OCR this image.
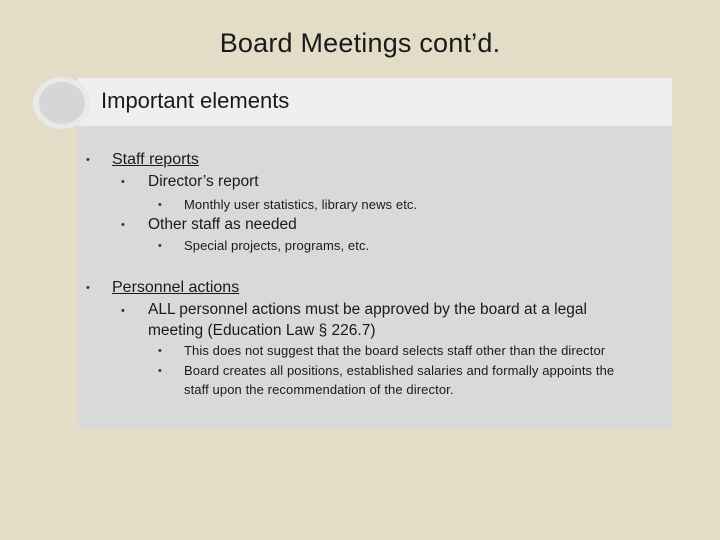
Board Meetings cont’d.
Important elements
• Staff reports
• Director’s report
• Monthly user statistics, library news etc.
• Other staff as needed
• Special projects, programs, etc.
• Personnel actions
• ALL personnel actions must be approved by the board at a legal
meeting (Education Law § 226.7)
• This does not suggest that the board selects staff other than the director
• Board creates all positions, established salaries and formally appoints the
staff upon the recommendation of the director.
